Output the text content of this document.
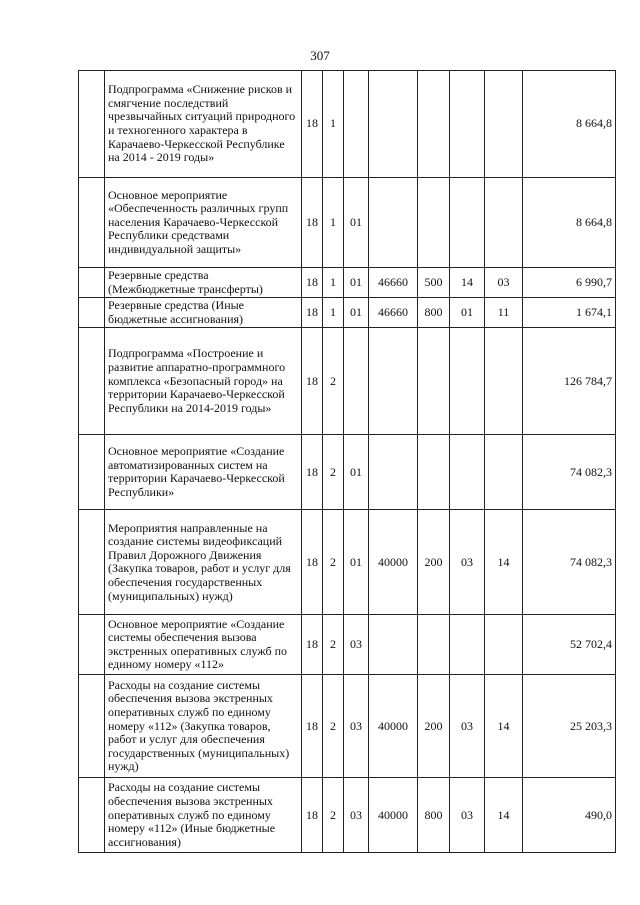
307
	Подпрограмма «Снижение рисков и смягчение последствий чрезвычайных ситуаций природного и техногенного характера в Карачаево-Черкесской Республике на 2014 - 2019 годы»	18	1						8 664,8
	Основное мероприятие «Обеспеченность различных групп населения Карачаево-Черкесской Республики средствами индивидуальной защиты»	18	1	01					8 664,8
	Резервные средства (Межбюджетные трансферты)	18	1	01	46660	500	14	03	6 990,7
	Резервные средства (Иные бюджетные ассигнования)	18	1	01	46660	800	01	11	1 674,1
	Подпрограмма «Построение и развитие аппаратно-программного комплекса «Безопасный город» на территории Карачаево-Черкесской Республики на 2014-2019 годы»	18	2						126 784,7
	Основное мероприятие «Создание автоматизированных систем на территории Карачаево-Черкесской Республики»	18	2	01					74 082,3
	Мероприятия направленные на создание системы видеофиксаций Правил Дорожного Движения (Закупка товаров, работ и услуг для обеспечения государственных (муниципальных) нужд)	18	2	01	40000	200	03	14	74 082,3
	Основное мероприятие «Создание системы обеспечения вызова экстренных оперативных служб по единому номеру «112»	18	2	03					52 702,4
	Расходы на создание системы обеспечения вызова экстренных оперативных служб по единому номеру «112» (Закупка товаров, работ и услуг для обеспечения государственных (муниципальных) нужд)	18	2	03	40000	200	03	14	25 203,3
	Расходы на создание системы обеспечения вызова экстренных оперативных служб по единому номеру «112» (Иные бюджетные ассигнования)	18	2	03	40000	800	03	14	490,0
